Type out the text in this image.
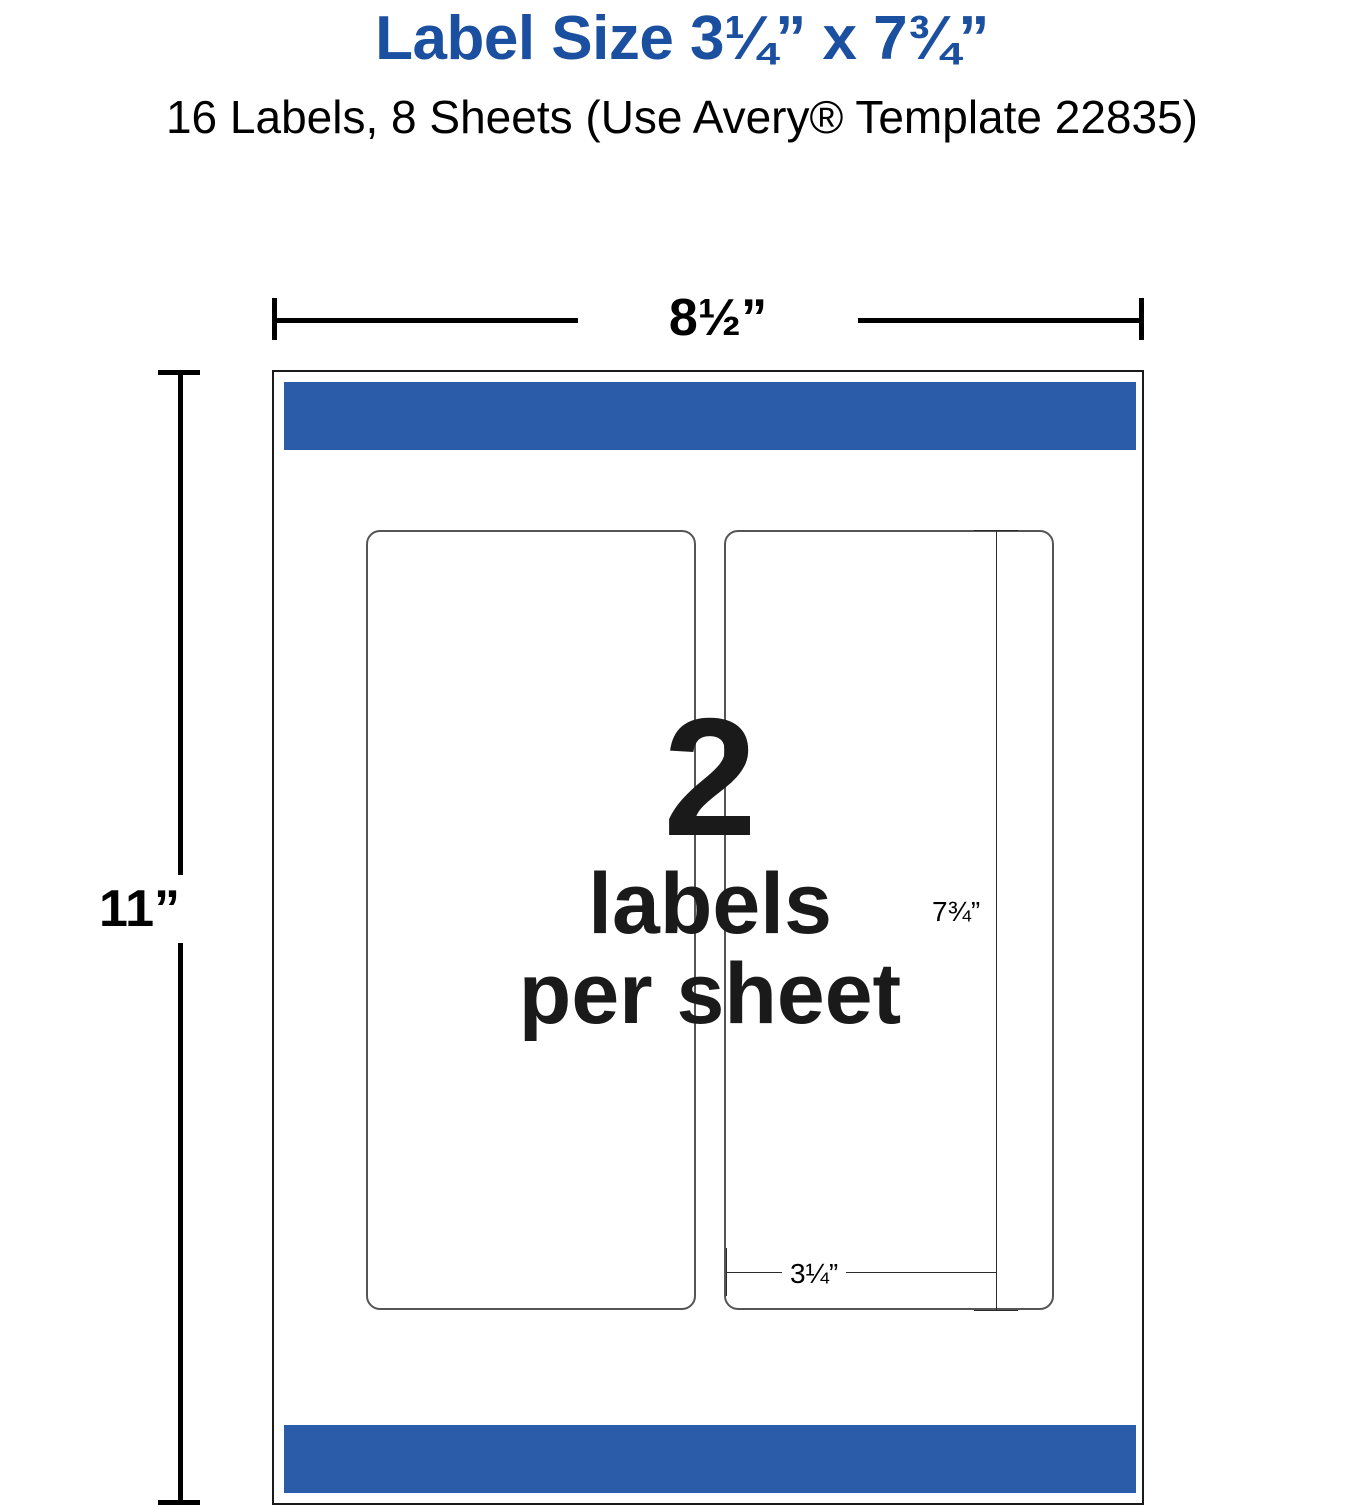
Label Size 3¼” x 7¾”
16 Labels, 8 Sheets (Use Avery® Template 22835)
8½”
11”	7¾”
3¼”
2
labels
per sheet
